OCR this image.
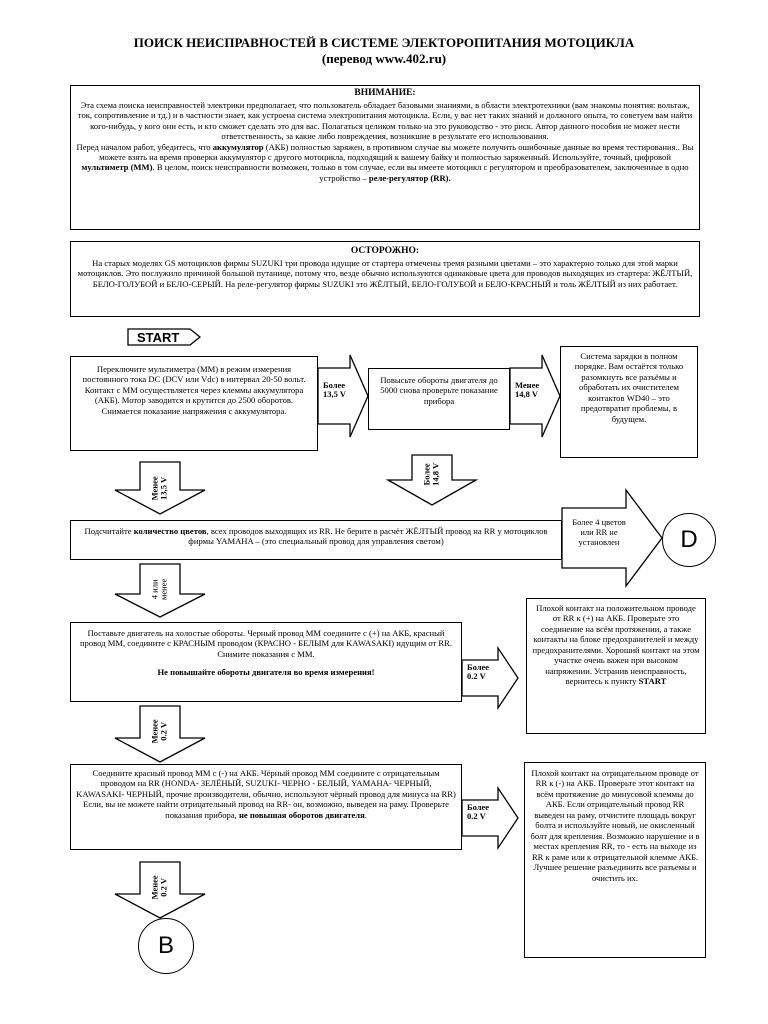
ПОИСК НЕИСПРАВНОСТЕЙ В СИСТЕМЕ ЭЛЕКТОРОПИТАНИЯ МОТОЦИКЛА
(перевод www.402.ru)
ВНИМАНИЕ:
Эта схема поиска неисправностей электрики предполагает, что пользователь обладает базовыми знаниями, в области электротехники (вам знакомы понятия: вольтаж, ток, сопротивление и тд.) и в частности знает, как устроена система электропитания мотоцикла. Если, у вас нет таких знаний и должного опыта, то советуем вам найти кого-нибудь, у кого они есть, и кто сможет сделать это для вас. Полагаться целиком только на это руководство - это риск. Автор данного пособия не может нести ответственность, за какие либо повреждения, возникшие в результате его использования.
Перед началом работ, убедитесь, что аккумулятор (АКБ) полностью заряжен, в противном случае вы можете получить ошибочные данные во время тестирования.. Вы можете взять на время проверки аккумулятор с другого мотоцикла, подходящий к вашему байку и полностью заряженный. Используйте, точный, цифровой мультиметр (ММ). В целом, поиск неисправности возможен, только в том случае, если вы имеете мотоцикл с регулятором и преобразователем, заключенные в одно устройство – реле-регулятор (RR).
ОСТОРОЖНО:
На старых моделях GS мотоциклов фирмы SUZUKI три провода идущие от стартера отмечены тремя разными цветами – это характерно только для этой марки мотоциклов. Это послужило причиной большой путанице, потому что, везде обычно используются одинаковые цвета для проводов выходящих из стартера: ЖЁЛТЫЙ, БЕЛО-ГОЛУБОЙ и БЕЛО-СЕРЫЙ. На реле-регулятор фирмы SUZUKI это ЖЁЛТЫЙ, БЕЛО-ГОЛУБОЙ и БЕЛО-КРАСНЫЙ и толь ЖЁЛТЫЙ из них работает.
START
Переключите мультиметра (ММ) в режим измерения постоянного тока DC (DCV или Vdc) в интервал 20-50 вольт. Контакт с ММ осуществляется через клеммы аккумулятора (АКБ). Мотор заводится и крутится до 2500 оборотов. Снимается показание напряжения с аккумулятора.
Более
13,5 V
Повысьте обороты двигателя до 5000 снова проверьте показание прибора
Менее
14,8 V
Система зарядки в полном порядке. Вам остаётся только разомкнуть все разъёмы и обработать их очистителем контактов WD40 – это предотвратит проблемы, в будущем.
Менее 13,5 V
Более 14,8 V
Подсчитайте количество цветов, всех проводов выходящих из RR. Не берите в расчёт ЖЁЛТЫЙ провод на RR у мотоциклов фирмы YAMAHA – (это специальный провод для управления светом)
Более 4 цветов или RR не установлен	D
4 или менее
Поставьте двигатель на холостые обороты. Черный провод ММ соедините с (+) на АКБ, красный провод ММ, соедините с КРАСНЫМ проводом (КРАСНО - БЕЛЫМ для KAWASAKI) идущим от RR. Снимите показания с ММ.
Не повышайте обороты двигателя во время измерения!
Более
0.2 V
Плохой контакт на положительном проводе от RR к (+) на АКБ. Проверьте это соединение на всём протяжении, а также контакты на блоке предохранителей и между предохранителями. Хороший контакт на этом участке очень важен при высоком напряжении. Устранив неисправность, вернитесь к пункту START
Менее 0.2 V
Соедините красный провод ММ с (-) на АКБ. Чёрный провод ММ соедините с отрицательным проводом на RR (HONDA- ЗЕЛЁНЫЙ, SUZUKI- ЧЕРНО - БЕЛЫЙ, YAMAHA- ЧЕРНЫЙ, KAWASAKI- ЧЕРНЫЙ, прочие производители, обычно, используют чёрный провод для минуса на RR) Если, вы не можете найти отрицательный провод на RR- он, возможно, выведен на раму. Проверьте показания прибора, не повышая оборотов двигателя.
Более
0.2 V
Плохой контакт на отрицательном проводе от RR к (-) на АКБ. Проверьте этот контакт на всём протяжение до минусовой клеммы до АКБ. Если отрицательный провод RR выведен на раму, отчистите площадь вокруг болта и используйте новый, не окисленный болт для крепления. Возможно нарушение и в местах крепления RR, то - есть на выходе из RR к раме или к отрицательной клемме АКБ. Лучшее решение разъединить все разъемы и очистить их.
Менее 0.2 V
B
